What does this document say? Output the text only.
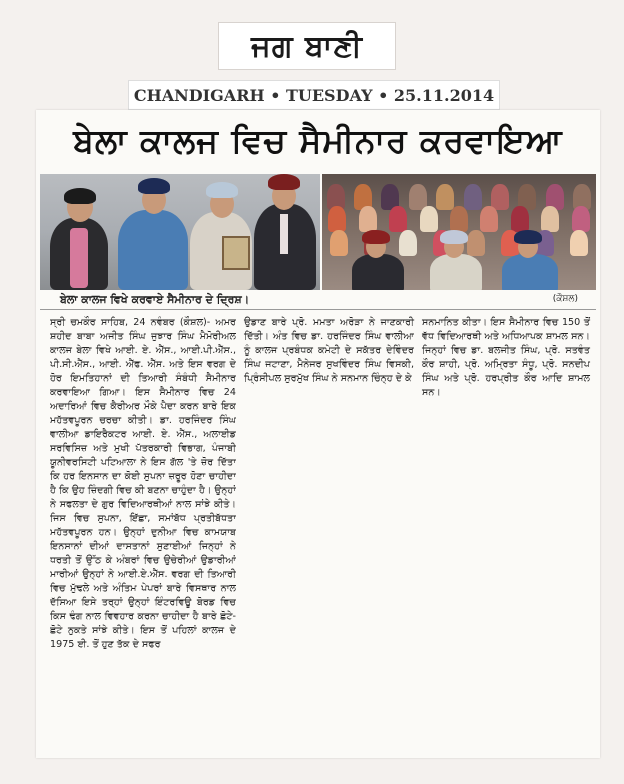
ਜਗ ਬਾਣੀ
CHANDIGARH • TUESDAY • 25.11.2014
ਬੇਲਾ ਕਾਲਜ ਵਿਚ ਸੈਮੀਨਾਰ ਕਰਵਾਇਆ
ਬੇਲਾ ਕਾਲਜ ਵਿਖੇ ਕਰਵਾਏ ਸੈਮੀਨਾਰ ਦੇ ਦ੍ਰਿਸ਼।	(ਕੌਸ਼ਲ)
ਸ੍ਰੀ ਚਮਕੌਰ ਸਾਹਿਬ, 24 ਨਵੰਬਰ (ਕੌਸ਼ਲ)- ਅਮਰ ਸ਼ਹੀਦ ਬਾਬਾ ਅਜੀਤ ਸਿੰਘ ਜੁਝਾਰ ਸਿੰਘ ਮੈਮੋਰੀਅਲ ਕਾਲਜ ਬੇਲਾ ਵਿਖੇ ਆਈ. ਏ. ਐੱਸ., ਆਈ.ਪੀ.ਐੱਸ., ਪੀ.ਸੀ.ਐੱਸ., ਆਈ. ਐੱਫ. ਐੱਸ. ਅਤੇ ਇਸ ਵਰਗ ਦੇ ਹੋਰ ਇਮਤਿਹਾਨਾਂ ਦੀ ਤਿਆਰੀ ਸੰਬੰਧੀ ਸੈਮੀਨਾਰ ਕਰਵਾਇਆ ਗਿਆ। ਇਸ ਸੈਮੀਨਾਰ ਵਿਚ 24 ਅਦਾਰਿਆਂ ਵਿਚ ਕੈਰੀਅਰ ਮੌਕੇ ਪੈਦਾ ਕਰਨ ਬਾਰੇ ਇਕ ਮਹੱਤਵਪੂਰਨ ਚਰਚਾ ਕੀਤੀ। ਡਾ. ਹਰਜਿੰਦਰ ਸਿੰਘ ਵਾਲੀਆ ਡਾਇਰੈਕਟਰ ਆਈ. ਏ. ਐੱਸ., ਅਲਾਈਡ ਸਰਵਿਸਿਜ਼ ਅਤੇ ਮੁਖੀ ਪੱਤਰਕਾਰੀ ਵਿਭਾਗ, ਪੰਜਾਬੀ ਯੂਨੀਵਰਸਿਟੀ ਪਟਿਆਲਾ ਨੇ ਇਸ ਗੱਲ 'ਤੇ ਜ਼ੋਰ ਦਿੱਤਾ ਕਿ ਹਰ ਇਨਸਾਨ ਦਾ ਕੋਈ ਸੁਪਨਾ ਜ਼ਰੂਰ ਹੋਣਾ ਚਾਹੀਦਾ ਹੈ ਕਿ ਉਹ ਜ਼ਿੰਦਗੀ ਵਿਚ ਕੀ ਬਣਨਾ ਚਾਹੁੰਦਾ ਹੈ। ਉਨ੍ਹਾਂ ਨੇ ਸਫਲਤਾ ਦੇ ਗੁਰ ਵਿਦਿਆਰਥੀਆਂ ਨਾਲ ਸਾਂਝੇ ਕੀਤੇ। ਜਿਸ ਵਿਚ ਸੁਪਨਾ, ਇੱਛਾ, ਸਮਾਂਬੱਧ ਪ੍ਰਤੀਬੱਧਤਾ ਮਹੱਤਵਪੂਰਨ ਹਨ। ਉਨ੍ਹਾਂ ਦੁਨੀਆ ਵਿਚ ਕਾਮਯਾਬ ਇਨਸਾਨਾਂ ਦੀਆਂ ਦਾਸਤਾਨਾਂ ਸੁਣਾਈਆਂ ਜਿਨ੍ਹਾਂ ਨੇ ਧਰਤੀ ਤੋਂ ਉੱਠ ਕੇ ਅੰਬਰਾਂ ਵਿਚ ਉਚੇਰੀਆਂ ਉਡਾਰੀਆਂ ਮਾਰੀਆਂ ਉਨ੍ਹਾਂ ਨੇ ਆਈ.ਏ.ਐੱਸ. ਵਰਗ ਦੀ ਤਿਆਰੀ ਵਿਚ ਮੁੱਢਲੇ ਅਤੇ ਅੰਤਿਮ ਪੇਪਰਾਂ ਬਾਰੇ ਵਿਸਥਾਰ ਨਾਲ ਦੱਸਿਆ ਇਸੇ ਤਰ੍ਹਾਂ ਉਨ੍ਹਾਂ ਇੰਟਰਵਿਊ ਬੋਰਡ ਵਿਚ ਕਿਸ ਢੰਗ ਨਾਲ ਵਿਵਹਾਰ ਕਰਨਾ ਚਾਹੀਦਾ ਹੈ ਬਾਰੇ ਛੋਟੇ-ਛੋਟੇ ਨੁਕਤੇ ਸਾਂਝੇ ਕੀਤੇ। ਇਸ ਤੋਂ ਪਹਿਲਾਂ ਕਾਲਜ ਦੇ 1975 ਈ. ਤੋਂ ਹੁਣ ਤੱਕ ਦੇ ਸਫਰ
ਉਡਾਣ ਬਾਰੇ ਪ੍ਰੋ. ਮਮਤਾ ਅਰੋੜਾ ਨੇ ਜਾਣਕਾਰੀ ਦਿੱਤੀ। ਅੰਤ ਵਿਚ ਡਾ. ਹਰਜਿੰਦਰ ਸਿੰਘ ਵਾਲੀਆ ਨੂੰ ਕਾਲਜ ਪ੍ਰਬੰਧਕ ਕਮੇਟੀ ਦੇ ਸਕੱਤਰ ਦੇਵਿੰਦਰ ਸਿੰਘ ਜਟਾਣਾ, ਮੈਨੇਜਰ ਸੁਖਵਿੰਦਰ ਸਿੰਘ ਵਿਸਕੀ, ਪ੍ਰਿੰਸੀਪਲ ਸੁਰਮੁੱਖ ਸਿੰਘ ਨੇ ਸਨਮਾਨ ਚਿੰਨ੍ਹ ਦੇ ਕੇ
ਸਨਮਾਨਿਤ ਕੀਤਾ। ਇਸ ਸੈਮੀਨਾਰ ਵਿਚ 150 ਤੋਂ ਵੱਧ ਵਿਦਿਆਰਥੀ ਅਤੇ ਅਧਿਆਪਕ ਸ਼ਾਮਲ ਸਨ। ਜਿਨ੍ਹਾਂ ਵਿਚ ਡਾ. ਬਲਜੀਤ ਸਿੰਘ, ਪ੍ਰੋ. ਸਤਵੰਤ ਕੌਰ ਸ਼ਾਹੀ, ਪ੍ਰੋ. ਅਮ੍ਰਿਤਾ ਸੰਧੂ, ਪ੍ਰੋ. ਸਨਦੀਪ ਸਿੰਘ ਅਤੇ ਪ੍ਰੋ. ਹਰਪ੍ਰੀਤ ਕੌਰ ਆਦਿ ਸ਼ਾਮਲ ਸਨ।
